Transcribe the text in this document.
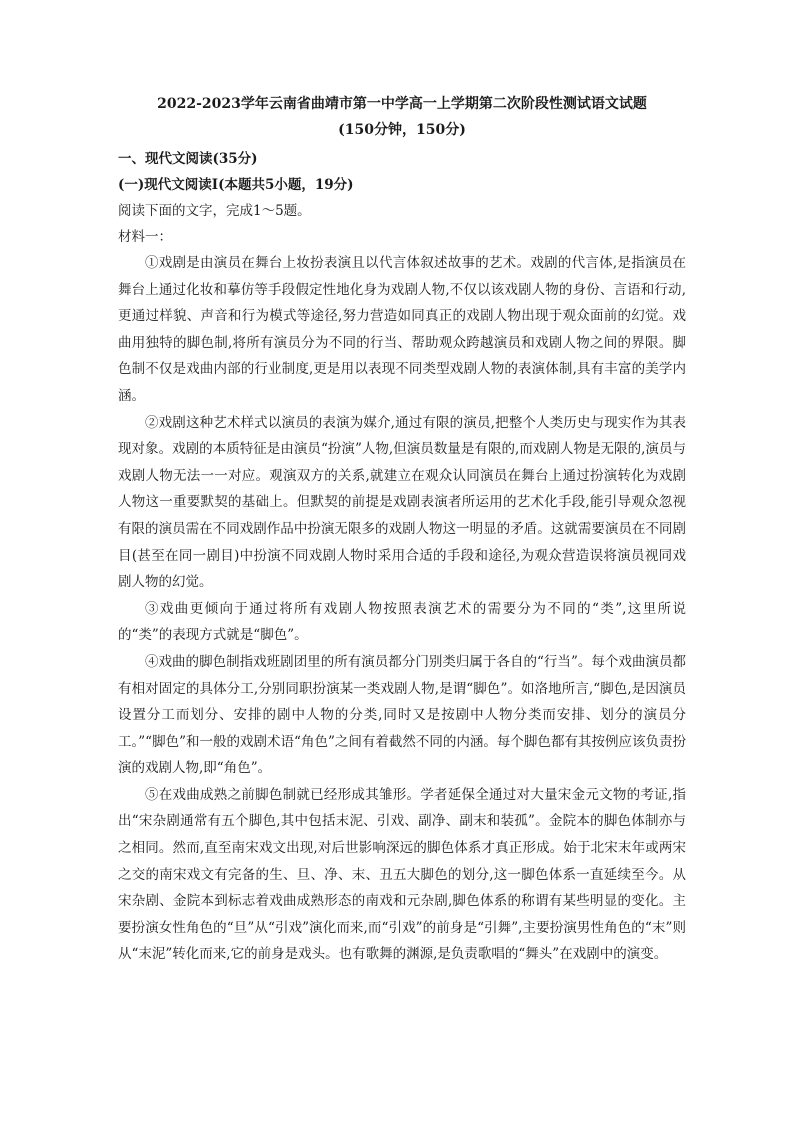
2022-2023学年云南省曲靖市第一中学高一上学期第二次阶段性测试语文试题

(150分钟，150分)

一、现代文阅读(35分)

(一)现代文阅读Ⅰ(本题共5小题，19分)

阅读下面的文字，完成1～5题。

材料一：

①戏剧是由演员在舞台上妆扮表演且以代言体叙述故事的艺术。戏剧的代言体,是指演员在舞台上通过化妆和摹仿等手段假定性地化身为戏剧人物,不仅以该戏剧人物的身份、言语和行动,更通过样貌、声音和行为模式等途径,努力营造如同真正的戏剧人物出现于观众面前的幻觉。戏曲用独特的脚色制,将所有演员分为不同的行当、帮助观众跨越演员和戏剧人物之间的界限。脚色制不仅是戏曲内部的行业制度,更是用以表现不同类型戏剧人物的表演体制,具有丰富的美学内涵。

②戏剧这种艺术样式以演员的表演为媒介,通过有限的演员,把整个人类历史与现实作为其表现对象。戏剧的本质特征是由演员“扮演”人物,但演员数量是有限的,而戏剧人物是无限的,演员与戏剧人物无法一一对应。观演双方的关系,就建立在观众认同演员在舞台上通过扮演转化为戏剧人物这一重要默契的基础上。但默契的前提是戏剧表演者所运用的艺术化手段,能引导观众忽视有限的演员需在不同戏剧作品中扮演无限多的戏剧人物这一明显的矛盾。这就需要演员在不同剧目(甚至在同一剧目)中扮演不同戏剧人物时采用合适的手段和途径,为观众营造误将演员视同戏剧人物的幻觉。

③戏曲更倾向于通过将所有戏剧人物按照表演艺术的需要分为不同的“类”,这里所说的“类”的表现方式就是“脚色”。

④戏曲的脚色制指戏班剧团里的所有演员都分门别类归属于各自的“行当”。每个戏曲演员都有相对固定的具体分工,分别同职扮演某一类戏剧人物,是谓“脚色”。如洛地所言,“脚色,是因演员设置分工而划分、安排的剧中人物的分类,同时又是按剧中人物分类而安排、划分的演员分工。”“脚色”和一般的戏剧术语“角色”之间有着截然不同的内涵。每个脚色都有其按例应该负责扮演的戏剧人物,即“角色”。

⑤在戏曲成熟之前脚色制就已经形成其雏形。学者延保全通过对大量宋金元文物的考证,指出“宋杂剧通常有五个脚色,其中包括末泥、引戏、副净、副末和装孤”。金院本的脚色体制亦与之相同。然而,直至南宋戏文出现,对后世影响深远的脚色体系才真正形成。始于北宋末年或两宋之交的南宋戏文有完备的生、旦、净、末、丑五大脚色的划分,这一脚色体系一直延续至今。从宋杂剧、金院本到标志着戏曲成熟形态的南戏和元杂剧,脚色体系的称谓有某些明显的变化。主要扮演女性角色的“旦”从“引戏”演化而来,而“引戏”的前身是“引舞”,主要扮演男性角色的“末”则从“末泥”转化而来,它的前身是戏头。也有歌舞的渊源,是负责歌唱的“舞头”在戏剧中的演变。
